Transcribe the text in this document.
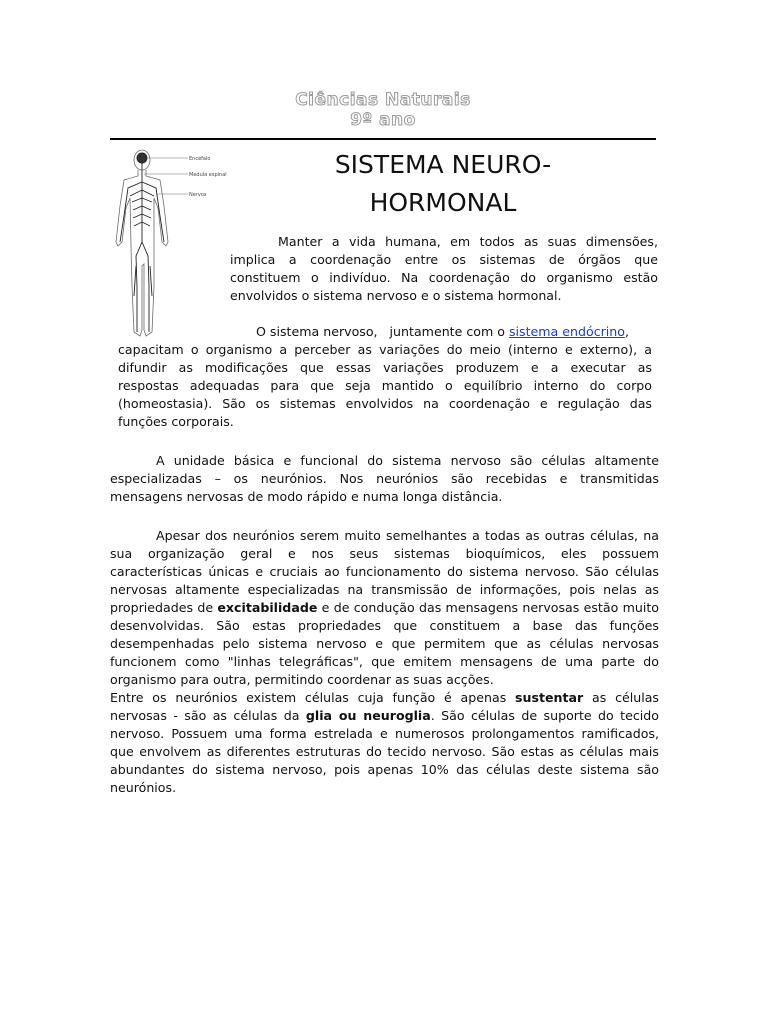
Ciências Naturais
9º ano
Encéfalo
Medula espinal
Nervos
SISTEMA NEURO-
HORMONAL
Manter a vida humana, em todos as suas dimensões,
implica a coordenação entre os sistemas de órgãos que
constituem o indivíduo. Na coordenação do organismo estão
envolvidos o sistema nervoso e o sistema hormonal.
O sistema nervoso,   juntamente com o sistema endócrino,
capacitam o organismo a perceber as variações do meio (interno e externo), a
difundir as modificações que essas variações produzem e a executar as
respostas adequadas para que seja mantido o equilíbrio interno do corpo
(homeostasia). São os sistemas envolvidos na coordenação e regulação das
funções corporais.
A unidade básica e funcional do sistema nervoso são células altamente
especializadas – os neurónios. Nos neurónios são recebidas e transmitidas
mensagens nervosas de modo rápido e numa longa distância.
Apesar dos neurónios serem muito semelhantes a todas as outras células, na
sua organização geral e nos seus sistemas bioquímicos, eles possuem
características únicas e cruciais ao funcionamento do sistema nervoso. São células
nervosas altamente especializadas na transmissão de informações, pois nelas as
propriedades de excitabilidade e de condução das mensagens nervosas estão muito
desenvolvidas. São estas propriedades que constituem a base das funções
desempenhadas pelo sistema nervoso e que permitem que as células nervosas
funcionem como "linhas telegráficas", que emitem mensagens de uma parte do
organismo para outra, permitindo coordenar as suas acções.
Entre os neurónios existem células cuja função é apenas sustentar as células
nervosas - são as células da glia ou neuroglia. São células de suporte do tecido
nervoso. Possuem uma forma estrelada e numerosos prolongamentos ramificados,
que envolvem as diferentes estruturas do tecido nervoso. São estas as células mais
abundantes do sistema nervoso, pois apenas 10% das células deste sistema são
neurónios.
